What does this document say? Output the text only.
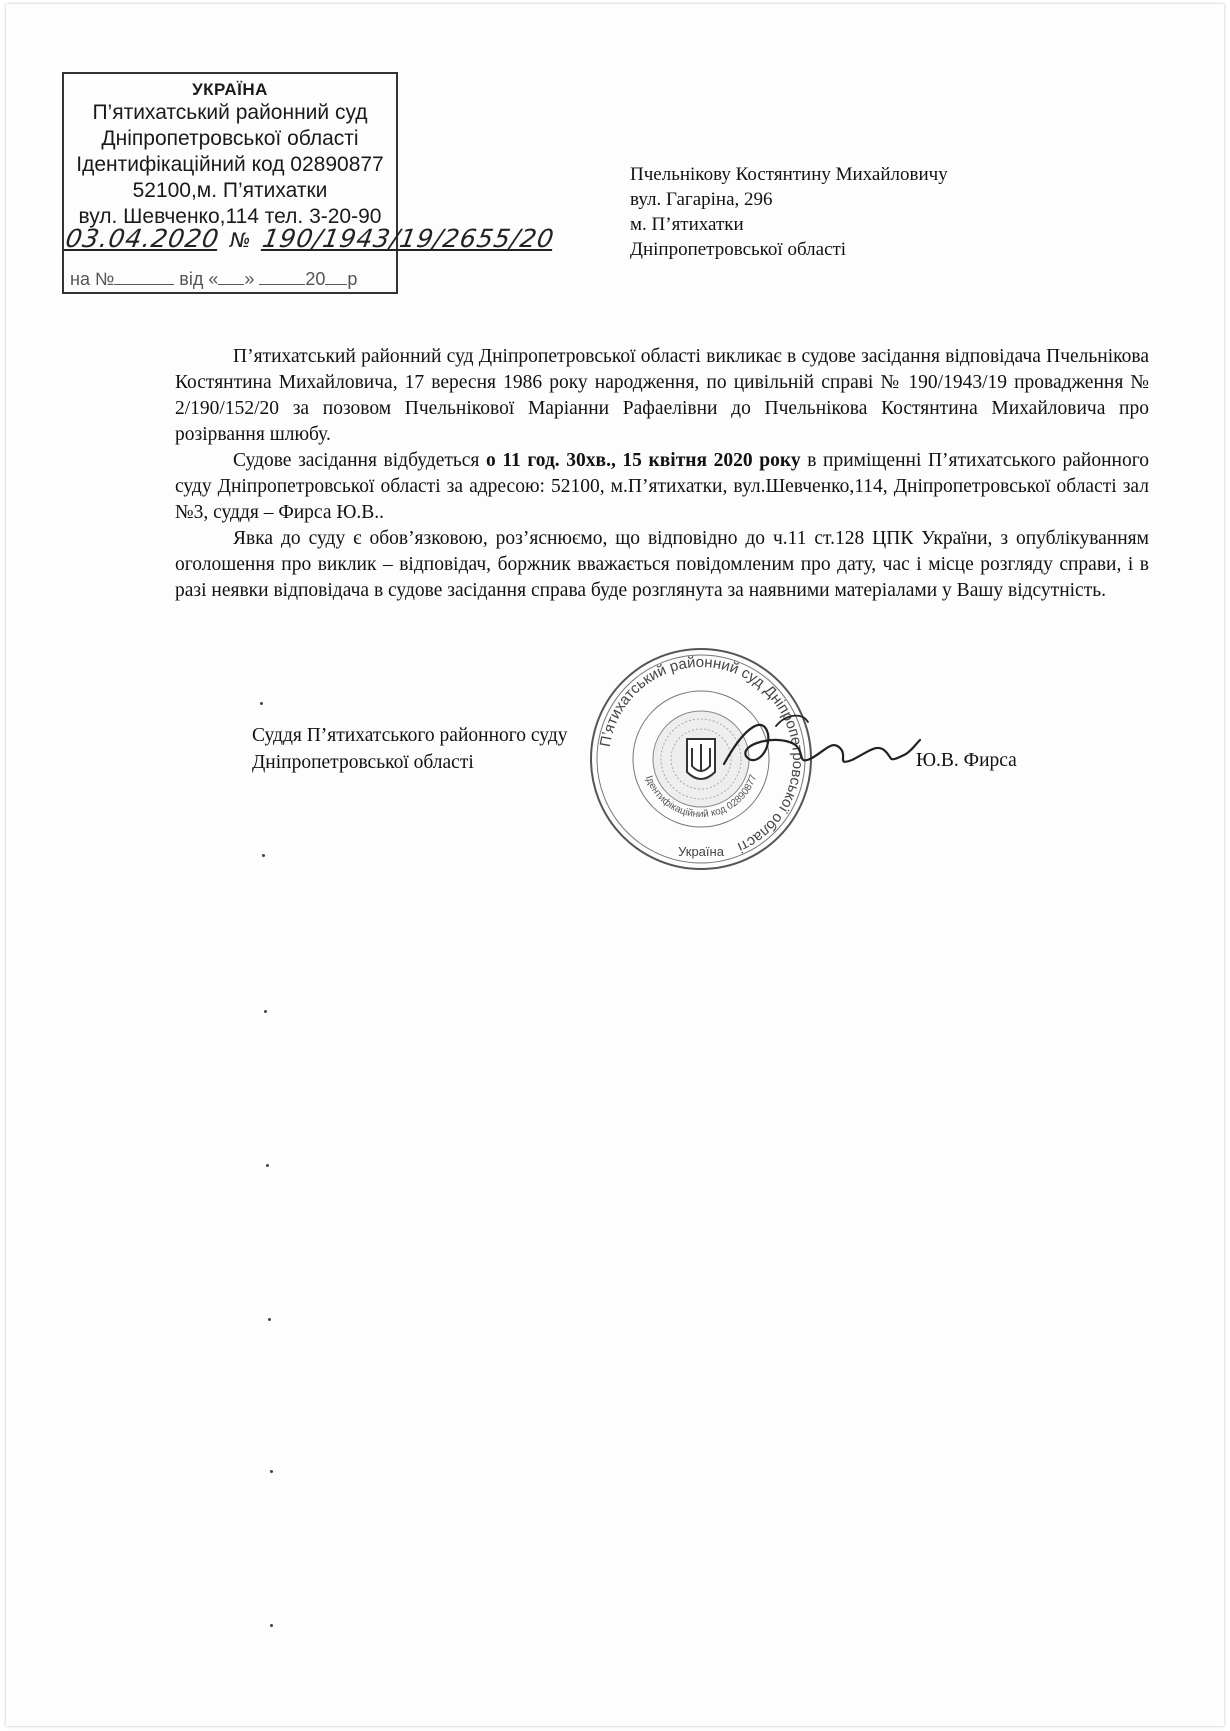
УКРАЇНА
П’ятихатський районний суд
Дніпропетровської області
Ідентифікаційний код 02890877
52100,м. П’ятихатки
вул. Шевченко,114 тел. 3-20-90
03.04.2020 № 190/1943/19/2655/20
на №	від « »	20 р
Пчельнікову Костянтину Михайловичу
вул. Гагаріна, 296
м. П’ятихатки
Дніпропетровської області

П’ятихатський районний суд Дніпропетровської області викликає в судове засідання відповідача Пчельнікова Костянтина Михайловича, 17 вересня 1986 року народження, по цивільній справі № 190/1943/19 провадження № 2/190/152/20 за позовом Пчельнікової Маріанни Рафаелівни до Пчельнікова Костянтина Михайловича про розірвання шлюбу.

Судове засідання відбудеться о 11 год. 30хв., 15 квітня 2020 року в приміщенні П’ятихатського районного суду Дніпропетровської області за адресою: 52100, м.П’ятихатки, вул.Шевченко,114, Дніпропетровської області зал №3, суддя – Фирса Ю.В..

Явка до суду є обов’язковою, роз’яснюємо, що відповідно до ч.11 ст.128 ЦПК України, з опублікуванням оголошення про виклик – відповідач, боржник вважається повідомленим про дату, час і місце розгляду справи, і в разі неявки відповідача в судове засідання справа буде розглянута за наявними матеріалами у Вашу відсутність.

П’ятихатський районний суд Дніпропетровської області
Ідентифікаційний код 02890877
Україна
Суддя П’ятихатського районного суду
Дніпропетровської області	Ю.В. Фирса
